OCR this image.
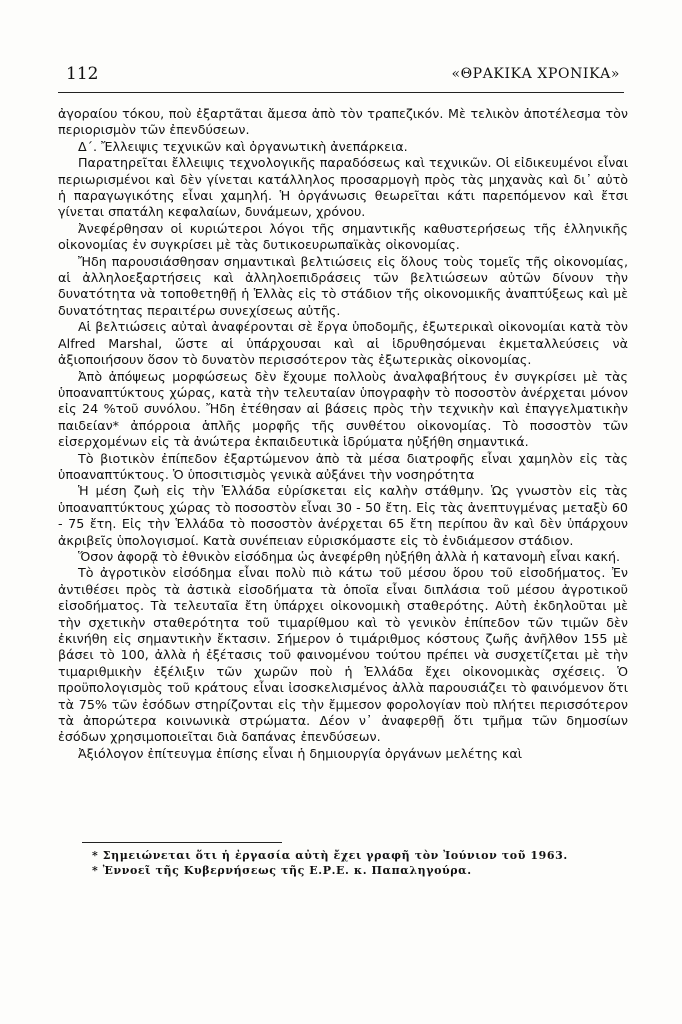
112	«ΘΡΑΚΙΚΑ ΧΡΟΝΙΚΑ»

ἀγοραίου τόκου, ποὺ ἐξαρτᾶται ἄμεσα ἀπὸ τὸν τραπεζικόν. Μὲ τελικὸν ἀποτέλεσμα τὸν περιορισμὸν τῶν ἐπενδύσεων.

Δ΄. Ἔλλειψις τεχνικῶν καὶ ὀργανωτικὴ ἀνεπάρκεια.

Παρατηρεῖται ἔλλειψις τεχνολογικῆς παραδόσεως καὶ τεχνικῶν. Οἱ εἰδικευμένοι εἶναι περιωρισμένοι καὶ δὲν γίνεται κατάλληλος προσαρμογὴ πρὸς τὰς μηχανὰς καὶ δι᾽ αὐτὸ ἡ παραγωγικότης εἶναι χαμηλή. Ἡ ὀργάνωσις θεωρεῖται κάτι παρεπόμενον καὶ ἔτσι γίνεται σπατάλη κεφαλαίων, δυνάμεων, χρόνου.

Ἀνεφέρθησαν οἱ κυριώτεροι λόγοι τῆς σημαντικῆς καθυστερήσεως τῆς ἑλληνικῆς οἰκονομίας ἐν συγκρίσει μὲ τὰς δυτικοευρωπαϊκὰς οἰκονομίας.

Ἤδη παρουσιάσθησαν σημαντικαὶ βελτιώσεις εἰς ὅλους τοὺς τομεῖς τῆς οἰκονομίας, αἱ ἀλληλοεξαρτήσεις καὶ ἀλληλοεπιδράσεις τῶν βελτιώσεων αὐτῶν δίνουν τὴν δυνατότητα νὰ τοποθετηθῇ ἡ Ἑλλὰς εἰς τὸ στάδιον τῆς οἰκονομικῆς ἀναπτύξεως καὶ μὲ δυνατότητας περαιτέρω συνεχίσεως αὐτῆς.

Αἱ βελτιώσεις αὐταὶ ἀναφέρονται σὲ ἔργα ὑποδομῆς, ἐξωτερικαὶ οἰκονομίαι κατὰ τὸν Alfred Marshal, ὥστε αἱ ὑπάρχουσαι καὶ αἱ ἱδρυθησόμεναι ἐκμεταλλεύσεις νὰ ἀξιοποιήσουν ὅσον τὸ δυνατὸν περισσότερον τὰς ἐξωτερικὰς οἰκονομίας.

Ἀπὸ ἀπόψεως μορφώσεως δὲν ἔχουμε πολλοὺς ἀναλφαβήτους ἐν συγκρίσει μὲ τὰς ὑποαναπτύκτους χώρας, κατὰ τὴν τελευταίαν ὑπογραφὴν τὸ ποσοστὸν ἀνέρχεται μόνον εἰς 24 %τοῦ συνόλου. Ἤδη ἐτέθησαν αἱ βάσεις πρὸς τὴν τεχνικὴν καὶ ἐπαγγελματικὴν παιδείαν* ἀπόρροια ἁπλῆς μορφῆς τῆς συνθέτου οἰκονομίας. Τὸ ποσοστὸν τῶν εἰσερχομένων εἰς τὰ ἀνώτερα ἐκπαιδευτικὰ ἱδρύματα ηὐξήθη σημαντικά.

Τὸ βιοτικὸν ἐπίπεδον ἐξαρτώμενον ἀπὸ τὰ μέσα διατροφῆς εἶναι χαμηλὸν εἰς τὰς ὑποαναπτύκτους. Ὁ ὑποσιτισμὸς γενικὰ αὐξάνει τὴν νοσηρότητα

Ἡ μέση ζωὴ εἰς τὴν Ἑλλάδα εὑρίσκεται εἰς καλὴν στάθμην. Ὡς γνωστὸν εἰς τὰς ὑποαναπτύκτους χώρας τὸ ποσοστὸν εἶναι 30 - 50 ἔτη. Εἰς τὰς ἀνεπτυγμένας μεταξὺ 60 - 75 ἔτη. Εἰς τὴν Ἑλλάδα τὸ ποσοστὸν ἀνέρχεται 65 ἔτη περίπου ἂν καὶ δὲν ὑπάρχουν ἀκριβεῖς ὑπολογισμοί. Κατὰ συνέπειαν εὑρισκόμαστε εἰς τὸ ἐνδιάμεσον στάδιον.

Ὅσον ἀφορᾷ τὸ ἐθνικὸν εἰσόδημα ὡς ἀνεφέρθη ηὐξήθη ἀλλὰ ἡ κατανομὴ εἶναι κακή.

Τὸ ἀγροτικὸν εἰσόδημα εἶναι πολὺ πιὸ κάτω τοῦ μέσου ὅρου τοῦ εἰσοδήματος. Ἐν ἀντιθέσει πρὸς τὰ ἀστικὰ εἰσοδήματα τὰ ὁποῖα εἶναι διπλάσια τοῦ μέσου ἀγροτικοῦ εἰσοδήματος. Τὰ τελευταῖα ἔτη ὑπάρχει οἰκονομικὴ σταθερότης. Αὐτὴ ἐκδηλοῦται μὲ τὴν σχετικὴν σταθερότητα τοῦ τιμαρίθμου καὶ τὸ γενικὸν ἐπίπεδον τῶν τιμῶν δὲν ἐκινήθη εἰς σημαντικὴν ἔκτασιν. Σήμερον ὁ τιμάριθμος κόστους ζωῆς ἀνῆλθον 155 μὲ βάσει τὸ 100, ἀλλὰ ἡ ἐξέτασις τοῦ φαινομένου τούτου πρέπει νὰ συσχετίζεται μὲ τὴν τιμαριθμικὴν ἐξέλιξιν τῶν χωρῶν ποὺ ἡ Ἑλλάδα ἔχει οἰκονομικὰς σχέσεις. Ὁ προϋπολογισμὸς τοῦ κράτους εἶναι ἰσοσκελισμένος ἀλλὰ παρουσιάζει τὸ φαινόμενον ὅτι τὰ 75% τῶν ἐσόδων στηρίζονται εἰς τὴν ἔμμεσον φορολογίαν ποὺ πλήτει περισσότερον τὰ ἀπορώτερα κοινωνικὰ στρώματα. Δέον ν᾽ ἀναφερθῇ ὅτι τμῆμα τῶν δημοσίων ἐσόδων χρησιμοποιεῖται διὰ δαπάνας ἐπενδύσεων.

Ἀξιόλογον ἐπίτευγμα ἐπίσης εἶναι ἡ δημιουργία ὀργάνων μελέτης καὶ

* Σημειώνεται ὅτι ἡ ἐργασία αὐτὴ ἔχει γραφῆ τὸν Ἰούνιον τοῦ 1963.
* Ἐννοεῖ τῆς Κυβερνήσεως τῆς Ε.Ρ.Ε. κ. Παπαληγούρα.
